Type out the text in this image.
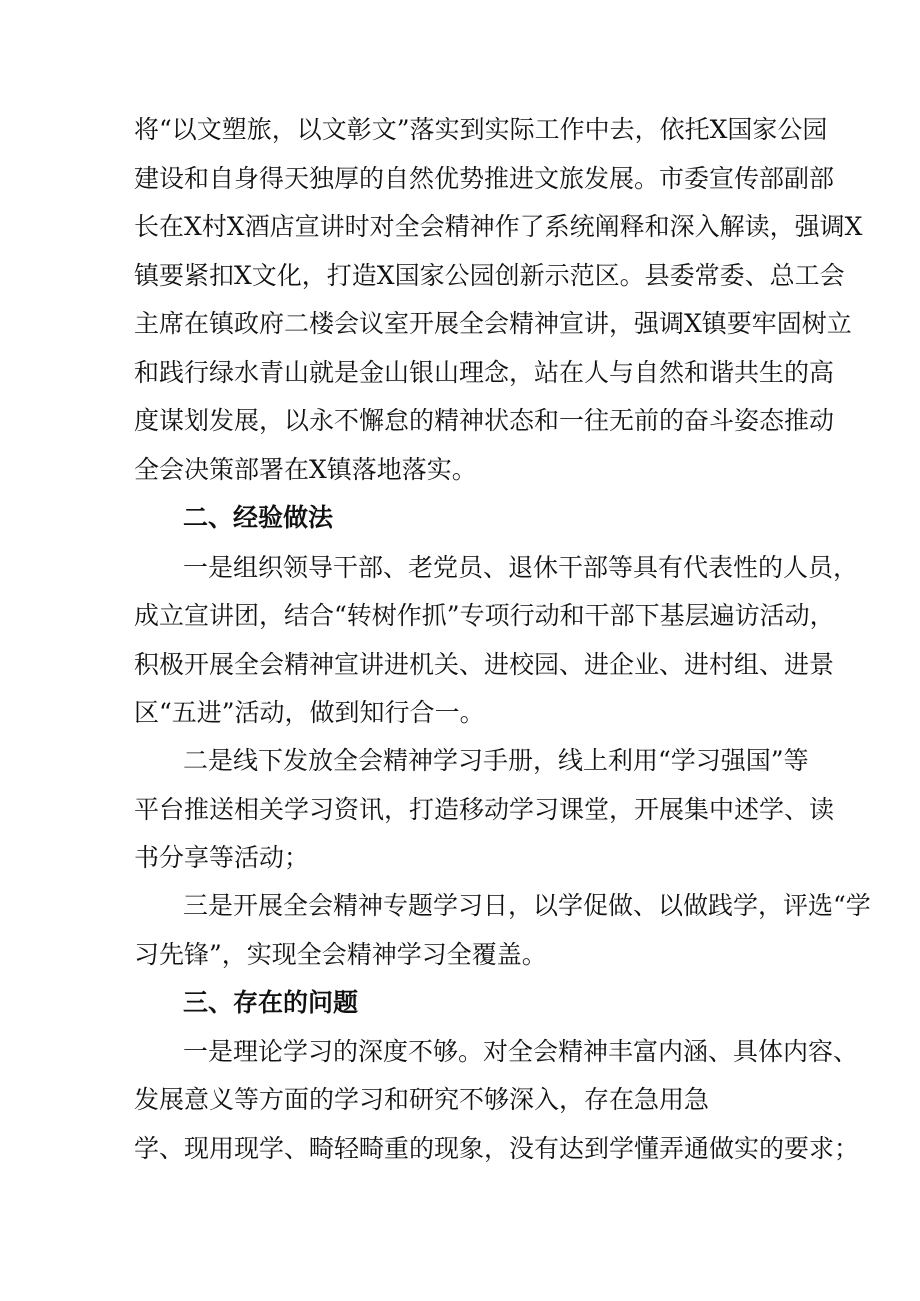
将“以文塑旅，以文彰文”落实到实际工作中去，依托X国家公园
建设和自身得天独厚的自然优势推进文旅发展。市委宣传部副部
长在X村X酒店宣讲时对全会精神作了系统阐释和深入解读，强调X
镇要紧扣X文化，打造X国家公园创新示范区。县委常委、总工会
主席在镇政府二楼会议室开展全会精神宣讲，强调X镇要牢固树立
和践行绿水青山就是金山银山理念，站在人与自然和谐共生的高
度谋划发展，以永不懈怠的精神状态和一往无前的奋斗姿态推动
全会决策部署在X镇落地落实。
二、经验做法
一是组织领导干部、老党员、退休干部等具有代表性的人员，
成立宣讲团，结合“转树作抓”专项行动和干部下基层遍访活动，
积极开展全会精神宣讲进机关、进校园、进企业、进村组、进景
区“五进”活动，做到知行合一。
二是线下发放全会精神学习手册，线上利用“学习强国”等
平台推送相关学习资讯，打造移动学习课堂，开展集中述学、读
书分享等活动；
三是开展全会精神专题学习日，以学促做、以做践学，评选“学
习先锋”，实现全会精神学习全覆盖。
三、存在的问题
一是理论学习的深度不够。对全会精神丰富内涵、具体内容、
发展意义等方面的学习和研究不够深入，存在急用急
学、现用现学、畸轻畸重的现象，没有达到学懂弄通做实的要求；
